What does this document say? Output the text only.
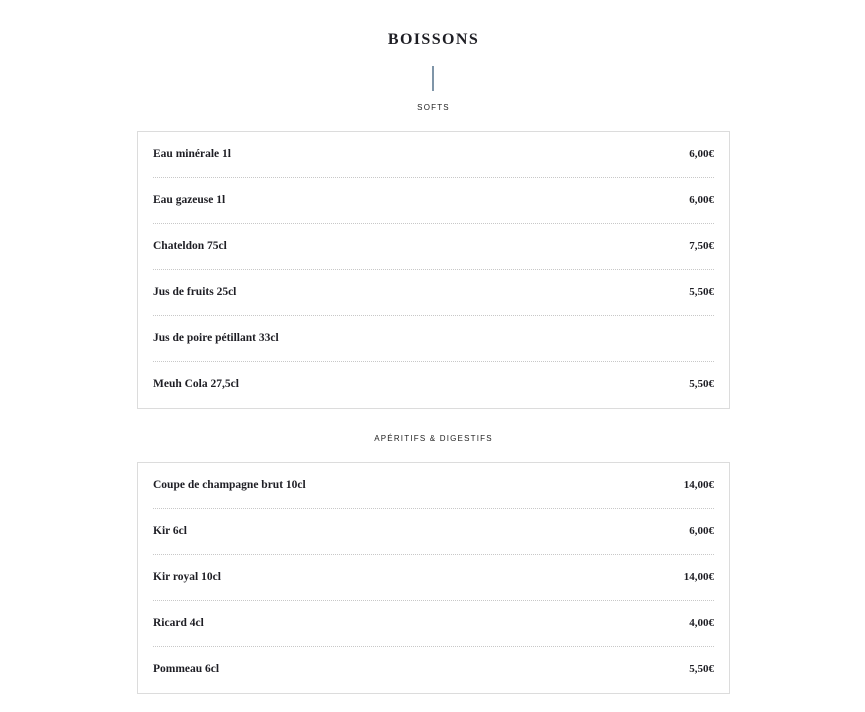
BOISSONS
SOFTS
Eau minérale 1l	6,00€
Eau gazeuse 1l	6,00€
Chateldon 75cl	7,50€
Jus de fruits 25cl	5,50€
Jus de poire pétillant 33cl
Meuh Cola 27,5cl	5,50€
APÉRITIFS & DIGESTIFS
Coupe de champagne brut 10cl	14,00€
Kir 6cl	6,00€
Kir royal 10cl	14,00€
Ricard 4cl	4,00€
Pommeau 6cl	5,50€
